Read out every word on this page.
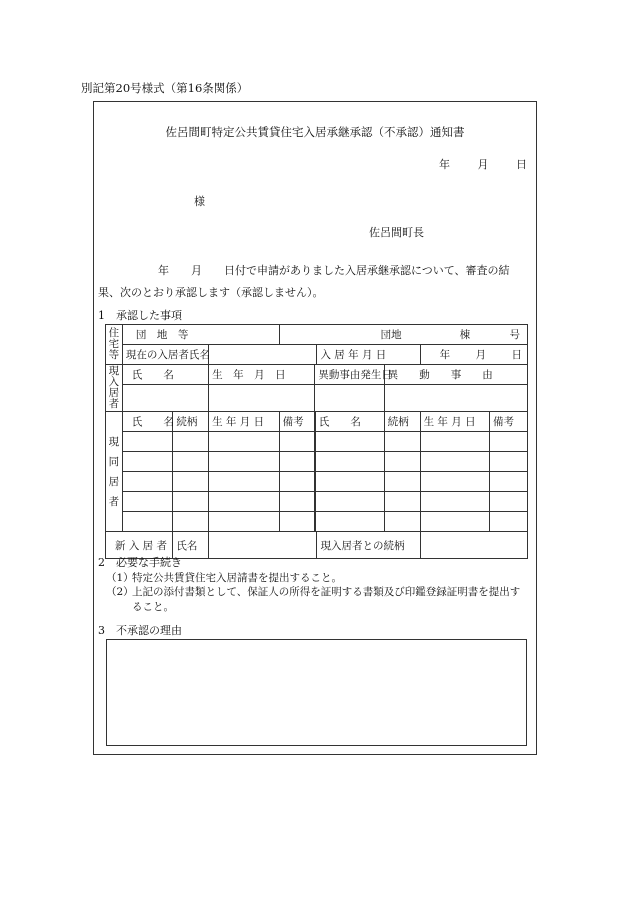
別記第20号様式（第16条関係）
佐呂間町特定公共賃貸住宅入居承継承認（不承認）通知書
年	月	日
様
佐呂間町長
年　　月　　日付で申請がありました入居承継承認について、審査の結
果、次のとおり承認します（承認しません）。
1　承認した事項
住宅等	団　地　等			団地 棟 号					

	現在の入居者氏名					入 居 年 月 日		年 月 日	

現入居者	氏　　名		生　年　月　日		異動事由発生日		異　　動　　事　　由		

現同居者	氏　　名	続柄	生 年 月 日	備考	氏　　名		続柄	生 年 月 日	備考

新 入 居 者		氏名				現入居者との続柄			
2　必要な手続き
（1）特定公共賃貸住宅入居請書を提出すること。
（2）
上記の添付書類として、保証人の所得を証明する書類及び印鑑登録証明書を提出すること。
3　不承認の理由
